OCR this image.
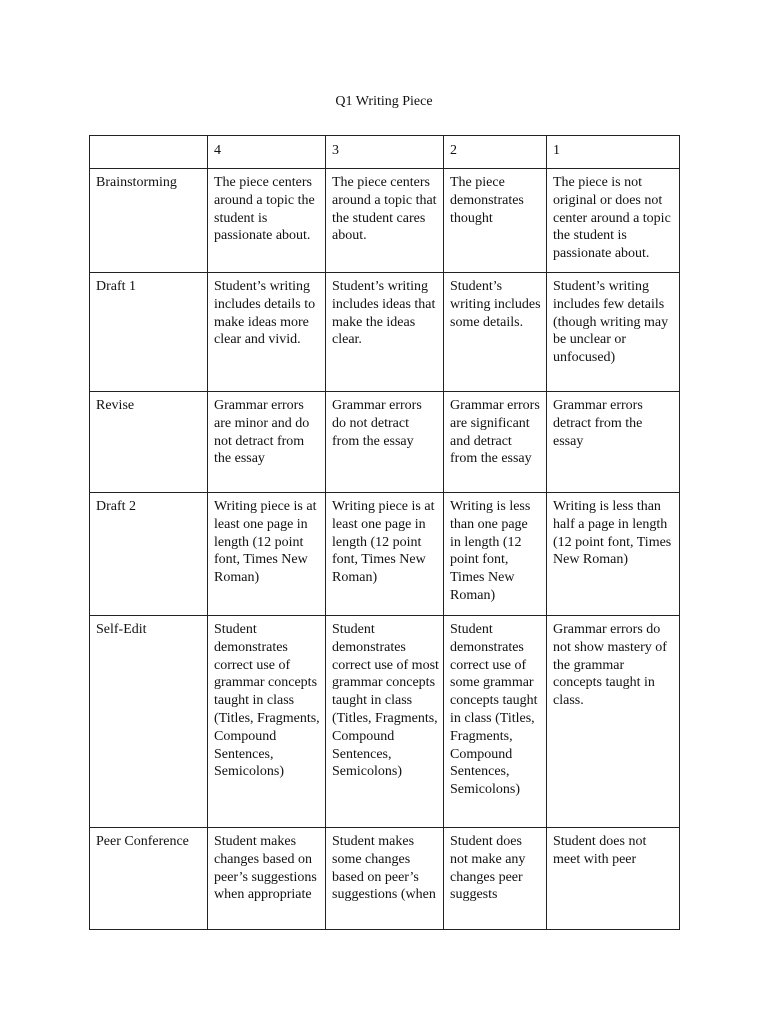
Q1 Writing Piece
	4	3	2	1
Brainstorming	The piece centers around a topic the student is passionate about.	The piece centers around a topic that the student cares about.	The piece demonstrates thought	The piece is not original or does not center around a topic the student is passionate about.
Draft 1	Student’s writing includes details to make ideas more clear and vivid.	Student’s writing includes ideas that make the ideas clear.	Student’s writing includes some details.	Student’s writing includes few details (though writing may be unclear or unfocused)
Revise	Grammar errors are minor and do not detract from the essay	Grammar errors do not detract from the essay	Grammar errors are significant and detract from the essay	Grammar errors detract from the essay
Draft 2	Writing piece is at least one page in length (12 point font, Times New Roman)	Writing piece is at least one page in length (12 point font, Times New Roman)	Writing is less than one page in length (12 point font, Times New Roman)	Writing is less than half a page in length (12 point font, Times New Roman)
Self-Edit	Student demonstrates correct use of grammar concepts taught in class (Titles, Fragments, Compound Sentences, Semicolons)	Student demonstrates correct use of most grammar concepts taught in class (Titles, Fragments, Compound Sentences, Semicolons)	Student demonstrates correct use of some grammar concepts taught in class (Titles, Fragments, Compound Sentences, Semicolons)	Grammar errors do not show mastery of the grammar concepts taught in class.
Peer Conference	Student makes changes based on peer’s suggestions when appropriate	Student makes some changes based on peer’s suggestions (when	Student does not make any changes peer suggests	Student does not meet with peer
